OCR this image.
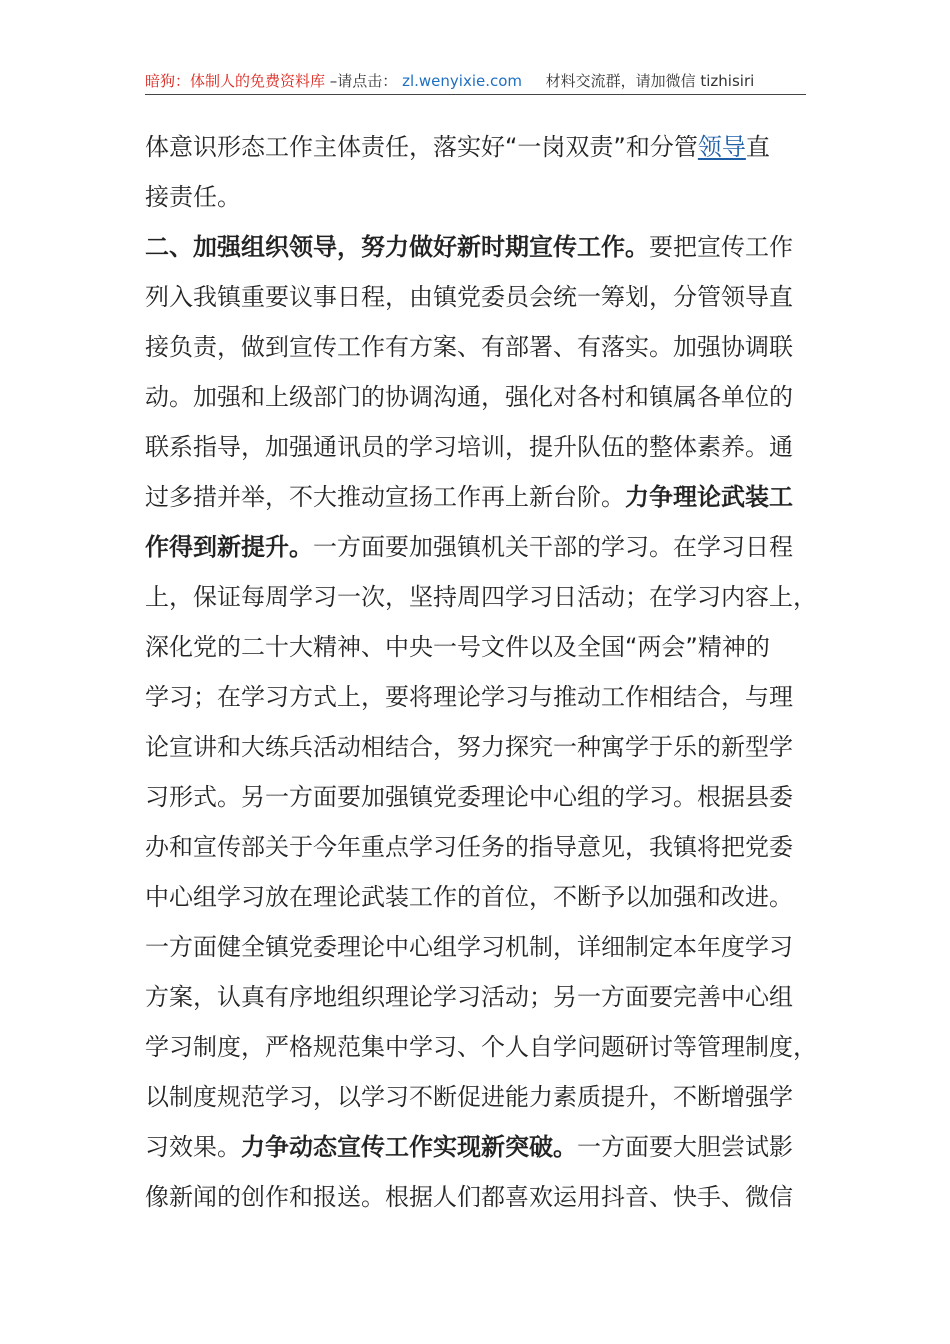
暗狗：体制人的免费资料库 –请点击： zl.wenyixie.com 材料交流群，请加微信 tizhisiri
体意识形态工作主体责任，落实好“一岗双责”和分管领导直
接责任。
二、加强组织领导，努力做好新时期宣传工作。要把宣传工作
列入我镇重要议事日程，由镇党委员会统一筹划，分管领导直
接负责，做到宣传工作有方案、有部署、有落实。加强协调联
动。加强和上级部门的协调沟通，强化对各村和镇属各单位的
联系指导，加强通讯员的学习培训，提升队伍的整体素养。通
过多措并举，不大推动宣扬工作再上新台阶。力争理论武装工
作得到新提升。一方面要加强镇机关干部的学习。在学习日程
上，保证每周学习一次，坚持周四学习日活动；在学习内容上，
深化党的二十大精神、中央一号文件以及全国“两会”精神的
学习；在学习方式上，要将理论学习与推动工作相结合，与理
论宣讲和大练兵活动相结合，努力探究一种寓学于乐的新型学
习形式。另一方面要加强镇党委理论中心组的学习。根据县委
办和宣传部关于今年重点学习任务的指导意见，我镇将把党委
中心组学习放在理论武装工作的首位，不断予以加强和改进。
一方面健全镇党委理论中心组学习机制，详细制定本年度学习
方案，认真有序地组织理论学习活动；另一方面要完善中心组
学习制度，严格规范集中学习、个人自学问题研讨等管理制度，
以制度规范学习，以学习不断促进能力素质提升，不断增强学
习效果。力争动态宣传工作实现新突破。一方面要大胆尝试影
像新闻的创作和报送。根据人们都喜欢运用抖音、快手、微信
